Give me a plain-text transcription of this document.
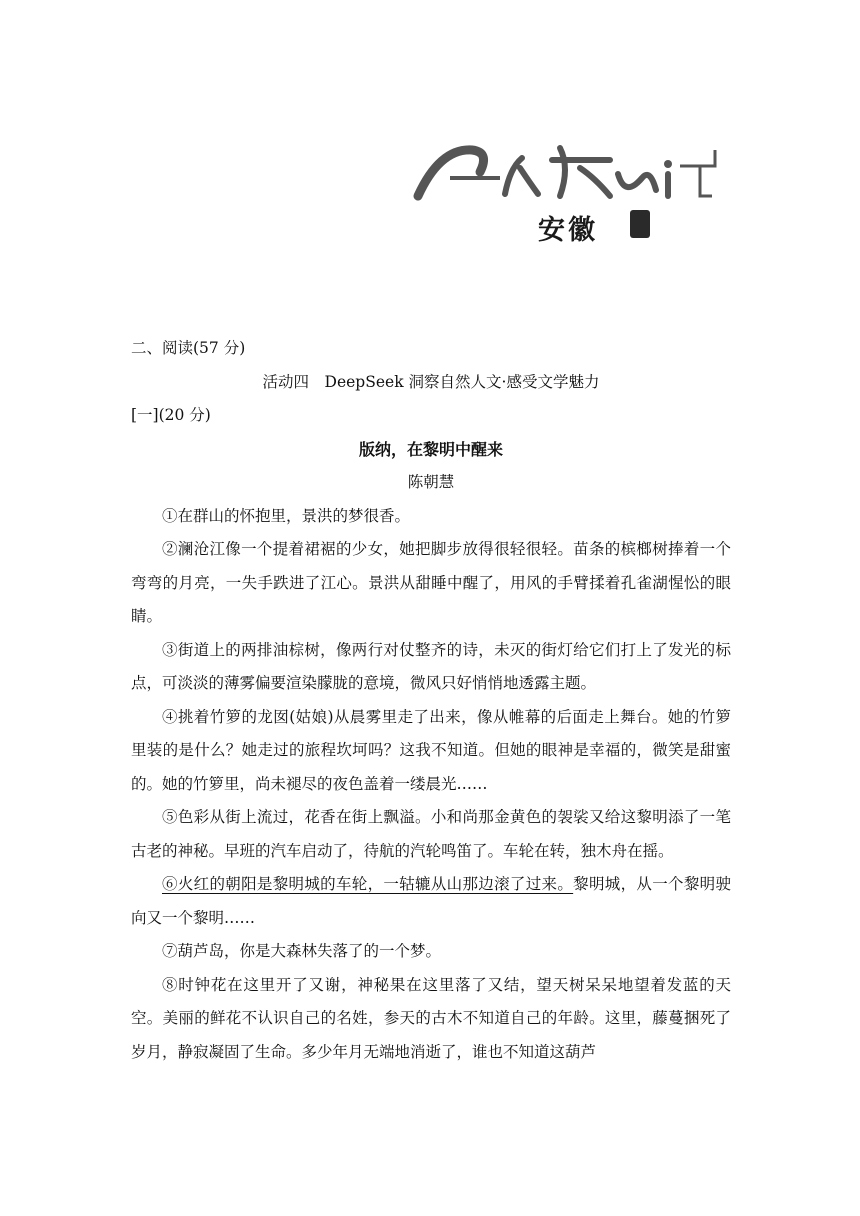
安徽
二、阅读(57 分)
活动四　DeepSeek 洞察自然人文·感受文学魅力
[一](20 分)
版纳，在黎明中醒来
陈朝慧

①在群山的怀抱里，景洪的梦很香。

②澜沧江像一个提着裙裾的少女，她把脚步放得很轻很轻。苗条的槟榔树捧着一个弯弯的月亮，一失手跌进了江心。景洪从甜睡中醒了，用风的手臂揉着孔雀湖惺忪的眼睛。

③街道上的两排油棕树，像两行对仗整齐的诗，未灭的街灯给它们打上了发光的标点，可淡淡的薄雾偏要渲染朦胧的意境，微风只好悄悄地透露主题。

④挑着竹箩的龙囡(姑娘)从晨雾里走了出来，像从帷幕的后面走上舞台。她的竹箩里装的是什么？她走过的旅程坎坷吗？这我不知道。但她的眼神是幸福的，微笑是甜蜜的。她的竹箩里，尚未褪尽的夜色盖着一缕晨光……

⑤色彩从街上流过，花香在街上飘溢。小和尚那金黄色的袈裟又给这黎明添了一笔古老的神秘。早班的汽车启动了，待航的汽轮鸣笛了。车轮在转，独木舟在摇。

⑥火红的朝阳是黎明城的车轮，一轱辘从山那边滚了过来。黎明城，从一个黎明驶向又一个黎明……

⑦葫芦岛，你是大森林失落了的一个梦。

⑧时钟花在这里开了又谢，神秘果在这里落了又结，望天树呆呆地望着发蓝的天空。美丽的鲜花不认识自己的名姓，参天的古木不知道自己的年龄。这里，藤蔓捆死了岁月，静寂凝固了生命。多少年月无端地消逝了，谁也不知道这葫芦
